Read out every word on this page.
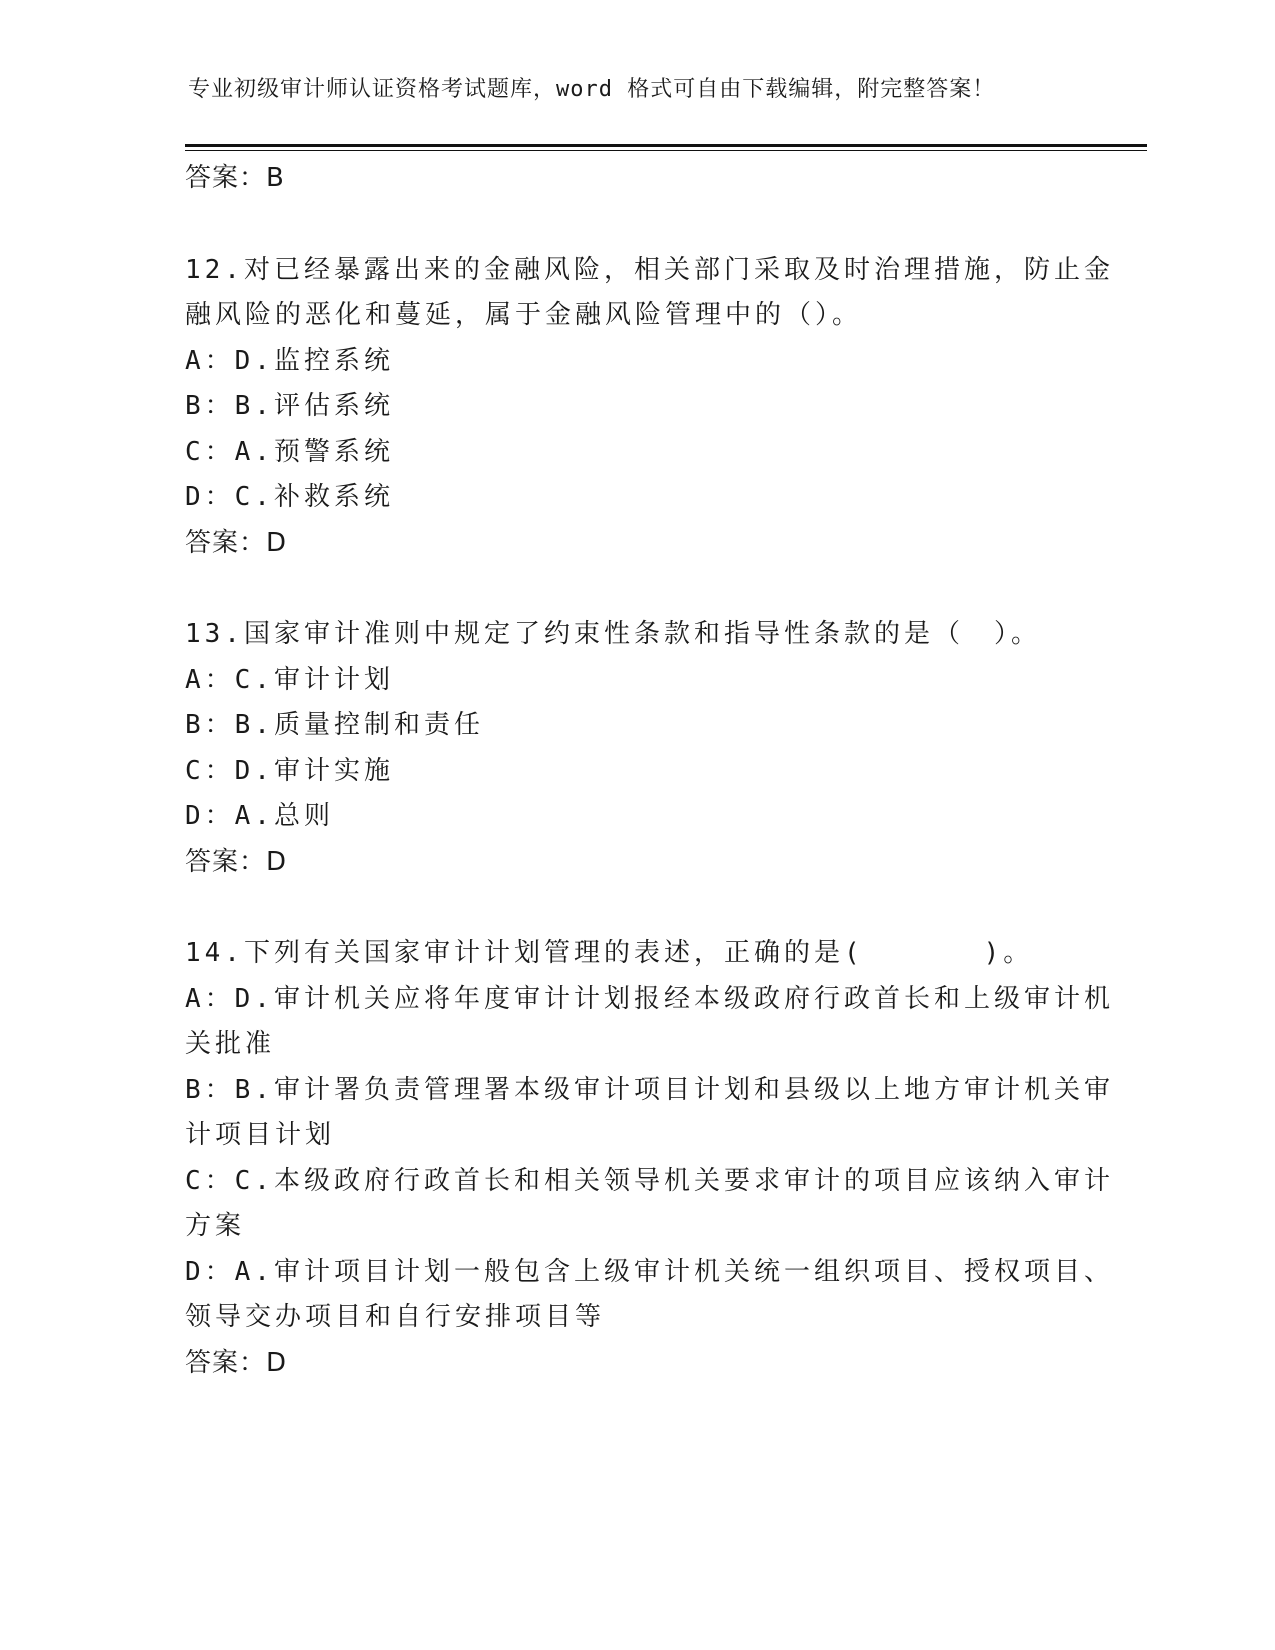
专业初级审计师认证资格考试题库，word 格式可自由下载编辑，附完整答案！
答案：B
12.对已经暴露出来的金融风险，相关部门采取及时治理措施，防止金
融风险的恶化和蔓延，属于金融风险管理中的（）。
A：D.监控系统
B：B.评估系统
C：A.预警系统
D：C.补救系统
答案：D
13.国家审计准则中规定了约束性条款和指导性条款的是（　）。
A：C.审计计划
B：B.质量控制和责任
C：D.审计实施
D：A.总则
答案：D
14.下列有关国家审计计划管理的表述，正确的是(　　　　)。
A：D.审计机关应将年度审计计划报经本级政府行政首长和上级审计机
关批准
B：B.审计署负责管理署本级审计项目计划和县级以上地方审计机关审
计项目计划
C：C.本级政府行政首长和相关领导机关要求审计的项目应该纳入审计
方案
D：A.审计项目计划一般包含上级审计机关统一组织项目、授权项目、
领导交办项目和自行安排项目等
答案：D
